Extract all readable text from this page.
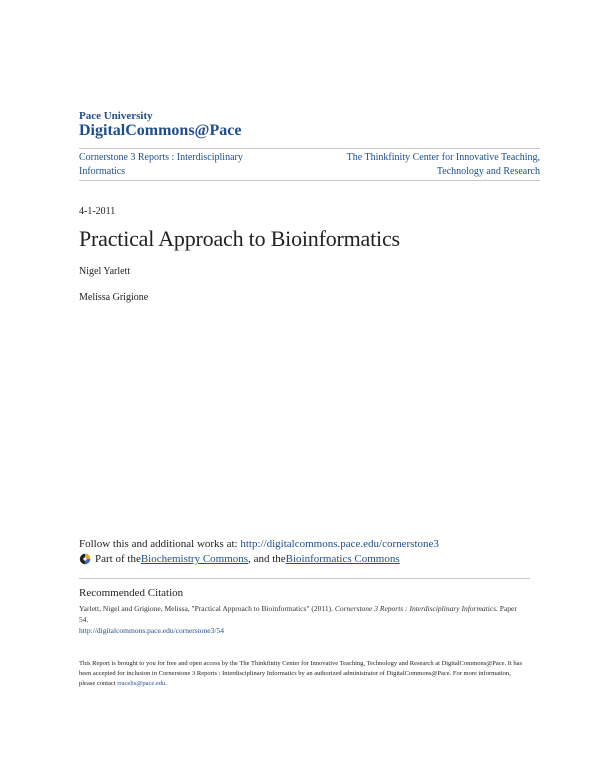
Pace University
DigitalCommons@Pace
Cornerstone 3 Reports : Interdisciplinary Informatics
The Thinkfinity Center for Innovative Teaching, Technology and Research
4-1-2011
Practical Approach to Bioinformatics
Nigel Yarlett
Melissa Grigione
Follow this and additional works at: http://digitalcommons.pace.edu/cornerstone3
Part of the Biochemistry Commons , and the Bioinformatics Commons
Recommended Citation
Yarlett, Nigel and Grigione, Melissa, "Practical Approach to Bioinformatics" (2011). Cornerstone 3 Reports : Interdisciplinary Informatics. Paper 54.
http://digitalcommons.pace.edu/cornerstone3/54
This Report is brought to you for free and open access by the The Thinkfinity Center for Innovative Teaching, Technology and Research at DigitalCommons@Pace. It has been accepted for inclusion in Cornerstone 3 Reports : Interdisciplinary Informatics by an authorized administrator of DigitalCommons@Pace. For more information, please contact rracelis@pace.edu.
